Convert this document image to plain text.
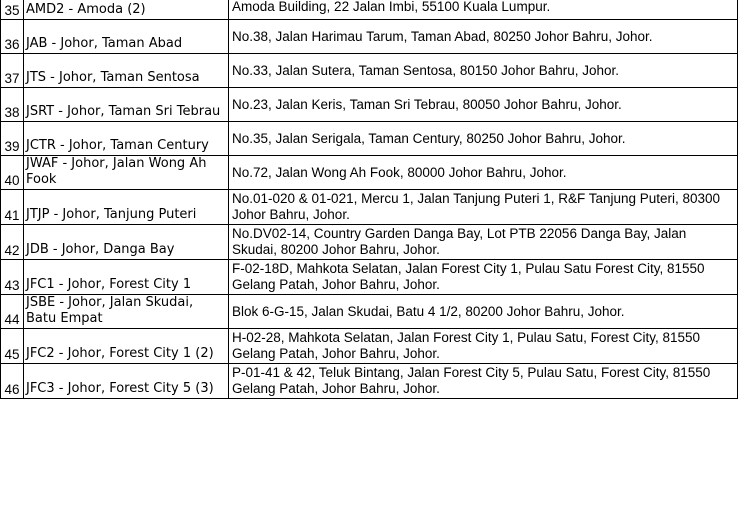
35	AMD2 - Amoda (2)	Amoda Building, 22 Jalan Imbi, 55100 Kuala Lumpur.
36	JAB - Johor, Taman Abad	No.38, Jalan Harimau Tarum, Taman Abad, 80250 Johor Bahru, Johor.
37	JTS - Johor, Taman Sentosa	No.33, Jalan Sutera, Taman Sentosa, 80150 Johor Bahru, Johor.
38	JSRT - Johor, Taman Sri Tebrau	No.23, Jalan Keris, Taman Sri Tebrau, 80050 Johor Bahru, Johor.
39	JCTR - Johor, Taman Century	No.35, Jalan Serigala, Taman Century, 80250 Johor Bahru, Johor.
40	JWAF - Johor, Jalan Wong Ah Fook	No.72, Jalan Wong Ah Fook, 80000 Johor Bahru, Johor.
41	JTJP - Johor, Tanjung Puteri	No.01-020 & 01-021, Mercu 1, Jalan Tanjung Puteri 1, R&F Tanjung Puteri, 80300 Johor Bahru, Johor.
42	JDB - Johor, Danga Bay	No.DV02-14, Country Garden Danga Bay, Lot PTB 22056 Danga Bay, Jalan Skudai, 80200 Johor Bahru, Johor.
43	JFC1 - Johor, Forest City 1	F-02-18D, Mahkota Selatan, Jalan Forest City 1, Pulau Satu Forest City, 81550 Gelang Patah, Johor Bahru, Johor.
44	JSBE - Johor, Jalan Skudai, Batu Empat	Blok 6-G-15, Jalan Skudai, Batu 4 1/2, 80200 Johor Bahru, Johor.
45	JFC2 - Johor, Forest City 1 (2)	H-02-28, Mahkota Selatan, Jalan Forest City 1, Pulau Satu, Forest City, 81550 Gelang Patah, Johor Bahru, Johor.
46	JFC3 - Johor, Forest City 5 (3)	P-01-41 & 42, Teluk Bintang, Jalan Forest City 5, Pulau Satu, Forest City, 81550 Gelang Patah, Johor Bahru, Johor.
